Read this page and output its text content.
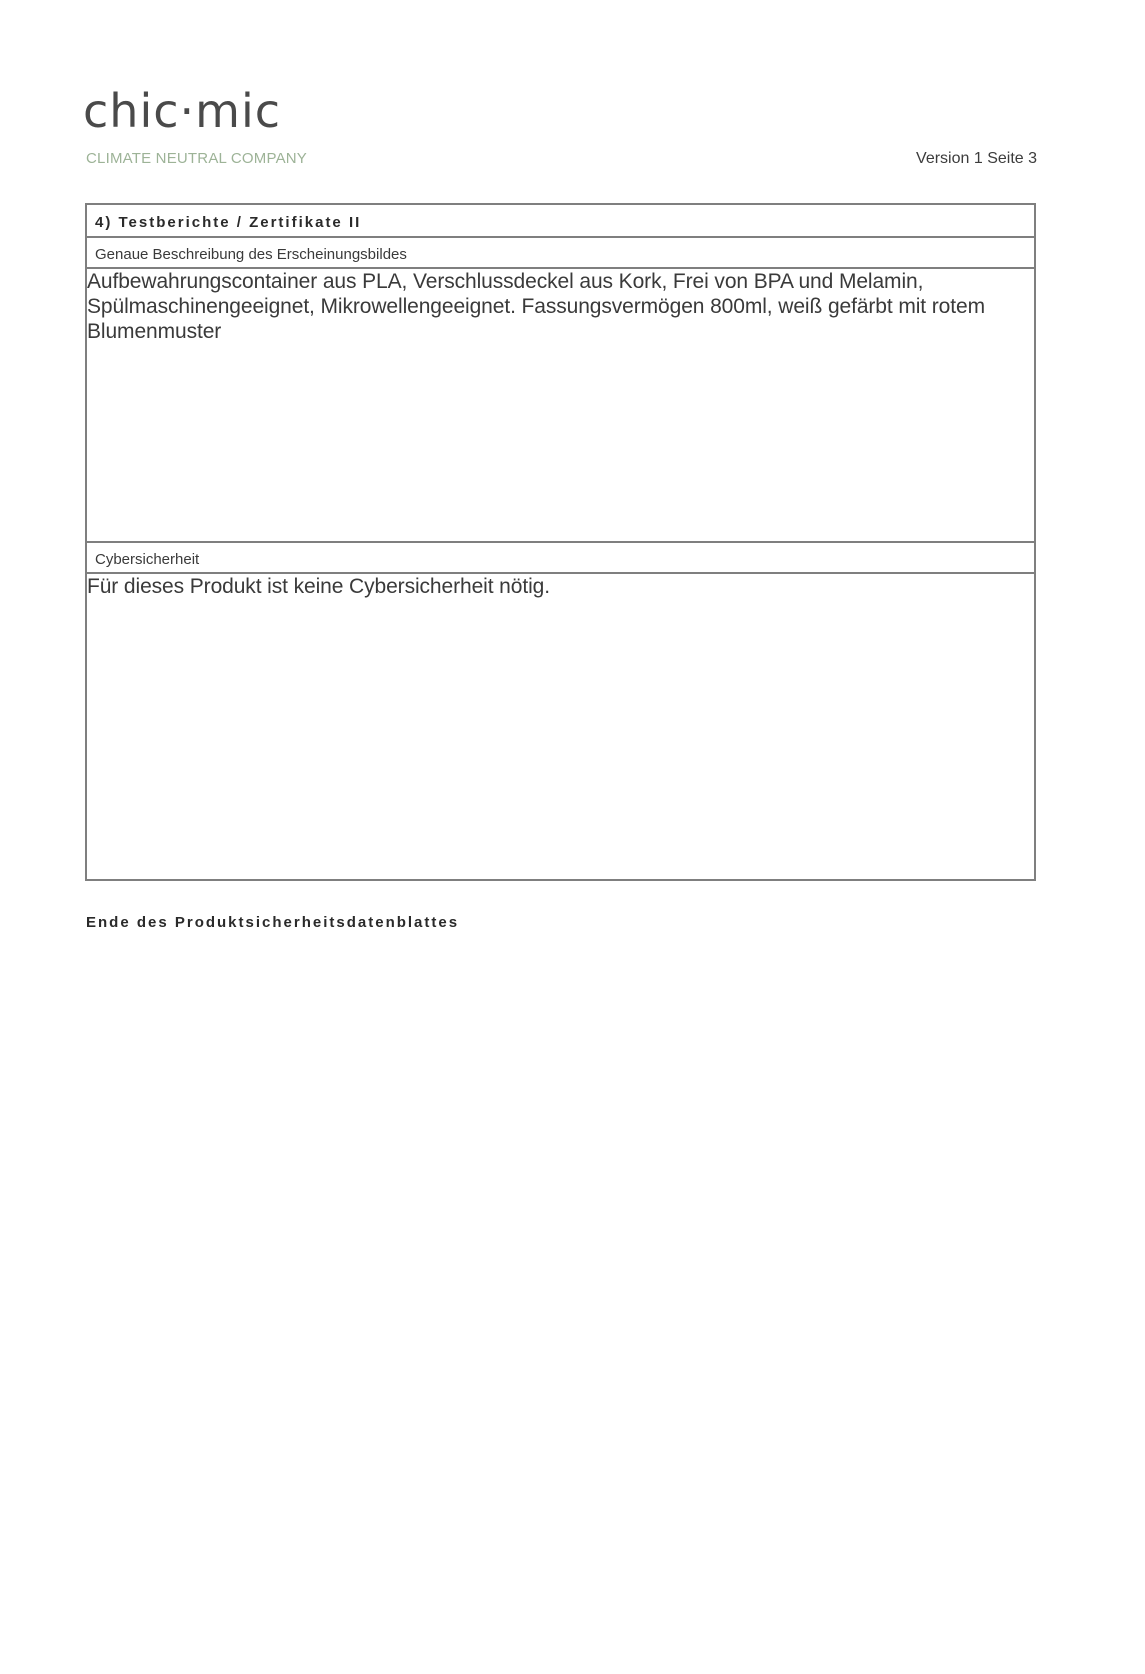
chic·mic
CLIMATE NEUTRAL COMPANY	Version 1 Seite 3
4) Testberichte / Zertifikate II
Genaue Beschreibung des Erscheinungsbildes
Aufbewahrungscontainer aus PLA, Verschlussdeckel aus Kork, Frei von BPA und Melamin, Spülmaschinengeeignet, Mikrowellengeeignet. Fassungsvermögen 800ml, weiß gefärbt mit rotem Blumenmuster
Cybersicherheit
Für dieses Produkt ist keine Cybersicherheit nötig.
Ende des Produktsicherheitsdatenblattes
